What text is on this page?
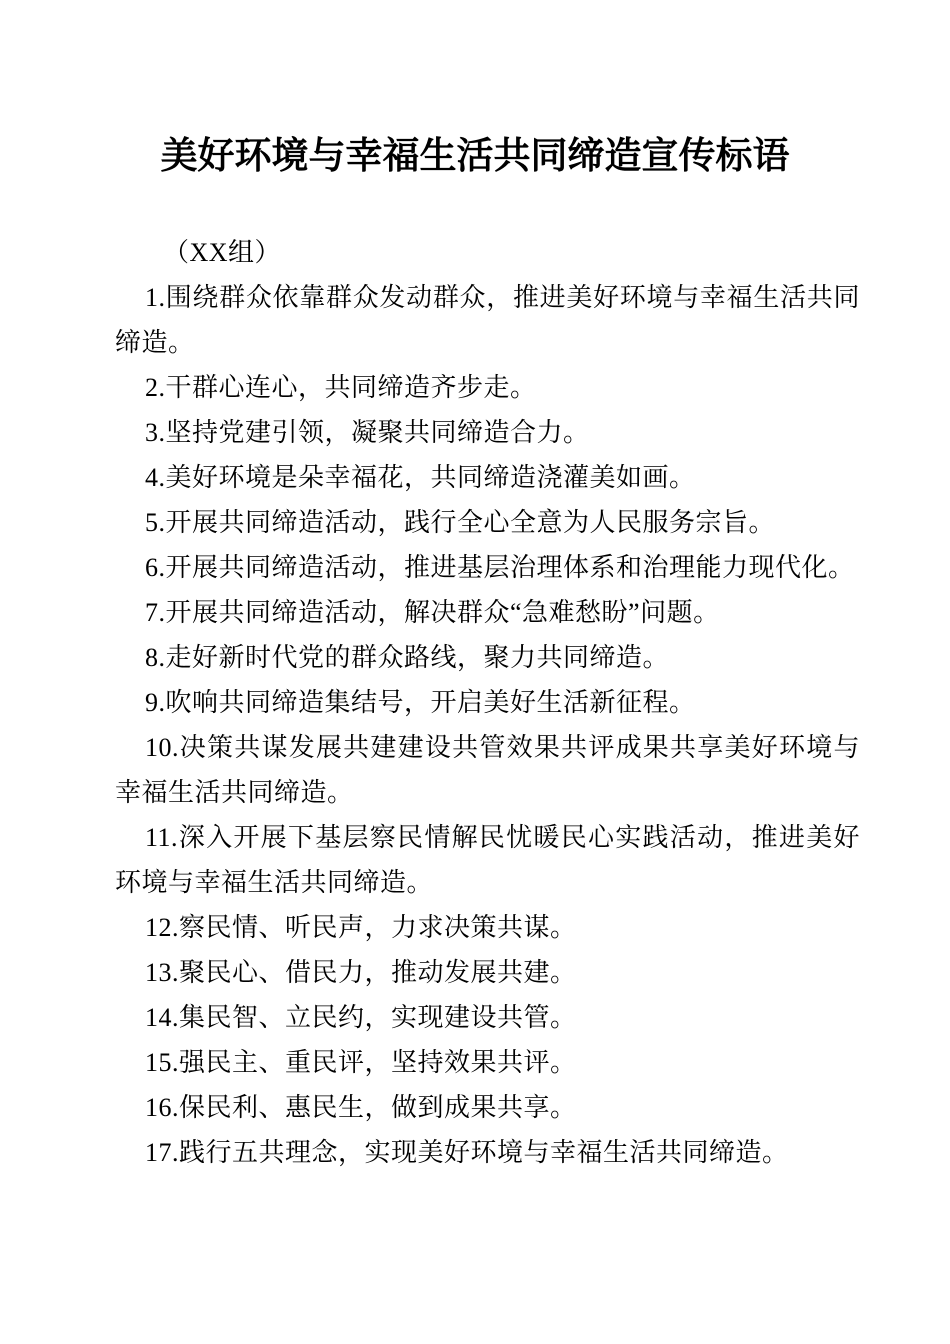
美好环境与幸福生活共同缔造宣传标语

（XX组）

1.围绕群众依靠群众发动群众，推进美好环境与幸福生活共同缔造。

2.干群心连心，共同缔造齐步走。

3.坚持党建引领，凝聚共同缔造合力。

4.美好环境是朵幸福花，共同缔造浇灌美如画。

5.开展共同缔造活动，践行全心全意为人民服务宗旨。

6.开展共同缔造活动，推进基层治理体系和治理能力现代化。

7.开展共同缔造活动，解决群众“急难愁盼”问题。

8.走好新时代党的群众路线，聚力共同缔造。

9.吹响共同缔造集结号，开启美好生活新征程。

10.决策共谋发展共建建设共管效果共评成果共享美好环境与幸福生活共同缔造。

11.深入开展下基层察民情解民忧暖民心实践活动，推进美好环境与幸福生活共同缔造。

12.察民情、听民声，力求决策共谋。

13.聚民心、借民力，推动发展共建。

14.集民智、立民约，实现建设共管。

15.强民主、重民评，坚持效果共评。

16.保民利、惠民生，做到成果共享。

17.践行五共理念，实现美好环境与幸福生活共同缔造。
